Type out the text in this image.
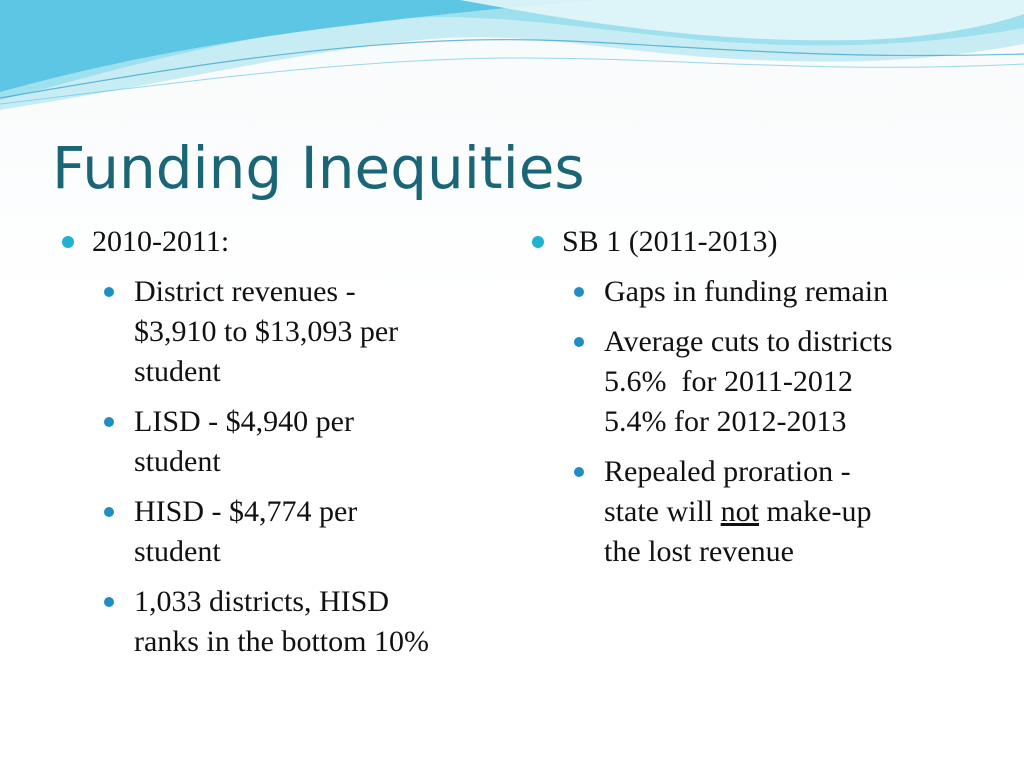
Funding Inequities
2010-2011:
District revenues -
$3,910 to $13,093 per
student
LISD - $4,940 per
student
HISD - $4,774 per
student
1,033 districts, HISD
ranks in the bottom 10%
SB 1 (2011-2013)
Gaps in funding remain
Average cuts to districts
5.6%  for 2011-2012
5.4% for 2012-2013
Repealed proration -
state will not make-up
the lost revenue
